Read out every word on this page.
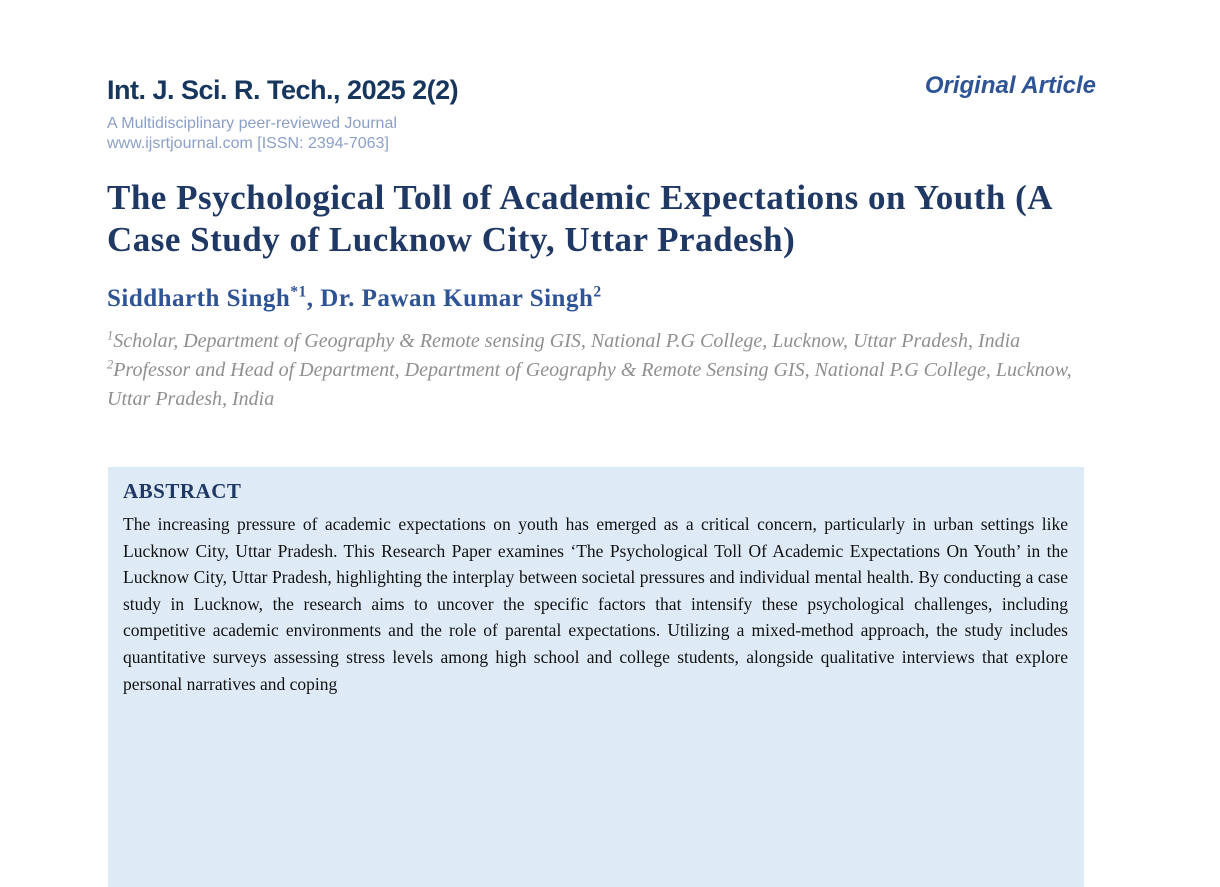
Int. J. Sci. R. Tech., 2025 2(2)
A Multidisciplinary peer-reviewed Journal
www.ijsrtjournal.com [ISSN: 2394-7063]
Original Article
The Psychological Toll of Academic Expectations on Youth (A Case Study of Lucknow City, Uttar Pradesh)
Siddharth Singh$^{*1}$, Dr. Pawan Kumar Singh$^2$

$^1$Scholar, Department of Geography & Remote sensing GIS, National P.G College, Lucknow, Uttar Pradesh, India

$^2$Professor and Head of Department, Department of Geography & Remote Sensing GIS, National P.G College, Lucknow, Uttar Pradesh, India

ABSTRACT

The increasing pressure of academic expectations on youth has emerged as a critical concern, particularly in urban settings like Lucknow City, Uttar Pradesh. This Research Paper examines ‘The Psychological Toll Of Academic Expectations On Youth’ in the Lucknow City, Uttar Pradesh, highlighting the interplay between societal pressures and individual mental health. By conducting a case study in Lucknow, the research aims to uncover the specific factors that intensify these psychological challenges, including competitive academic environments and the role of parental expectations. Utilizing a mixed-method approach, the study includes quantitative surveys assessing stress levels among high school and college students, alongside qualitative interviews that explore personal narratives and coping
